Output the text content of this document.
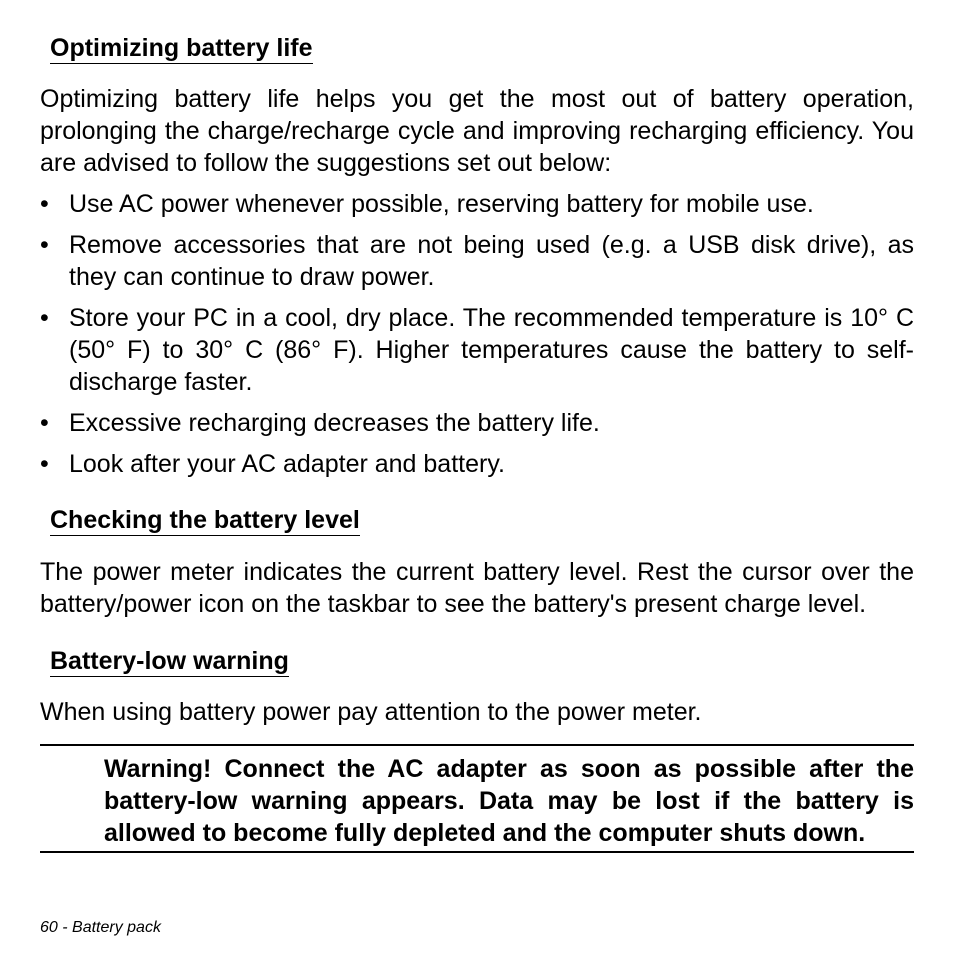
Optimizing battery life
Optimizing battery life helps you get the most out of battery operation, prolonging the charge/recharge cycle and improving recharging efficiency. You are advised to follow the suggestions set out below:
• Use AC power whenever possible, reserving battery for mobile use.
• Remove accessories that are not being used (e.g. a USB disk drive), as they can continue to draw power.
• Store your PC in a cool, dry place. The recommended temperature is 10° C (50° F) to 30° C (86° F). Higher temperatures cause the battery to self-discharge faster.
• Excessive recharging decreases the battery life.
• Look after your AC adapter and battery.
Checking the battery level
The power meter indicates the current battery level. Rest the cursor over the battery/power icon on the taskbar to see the battery's present charge level.
Battery-low warning
When using battery power pay attention to the power meter.
Warning! Connect the AC adapter as soon as possible after the battery-low warning appears. Data may be lost if the battery is allowed to become fully depleted and the computer shuts down.
60 - Battery pack
